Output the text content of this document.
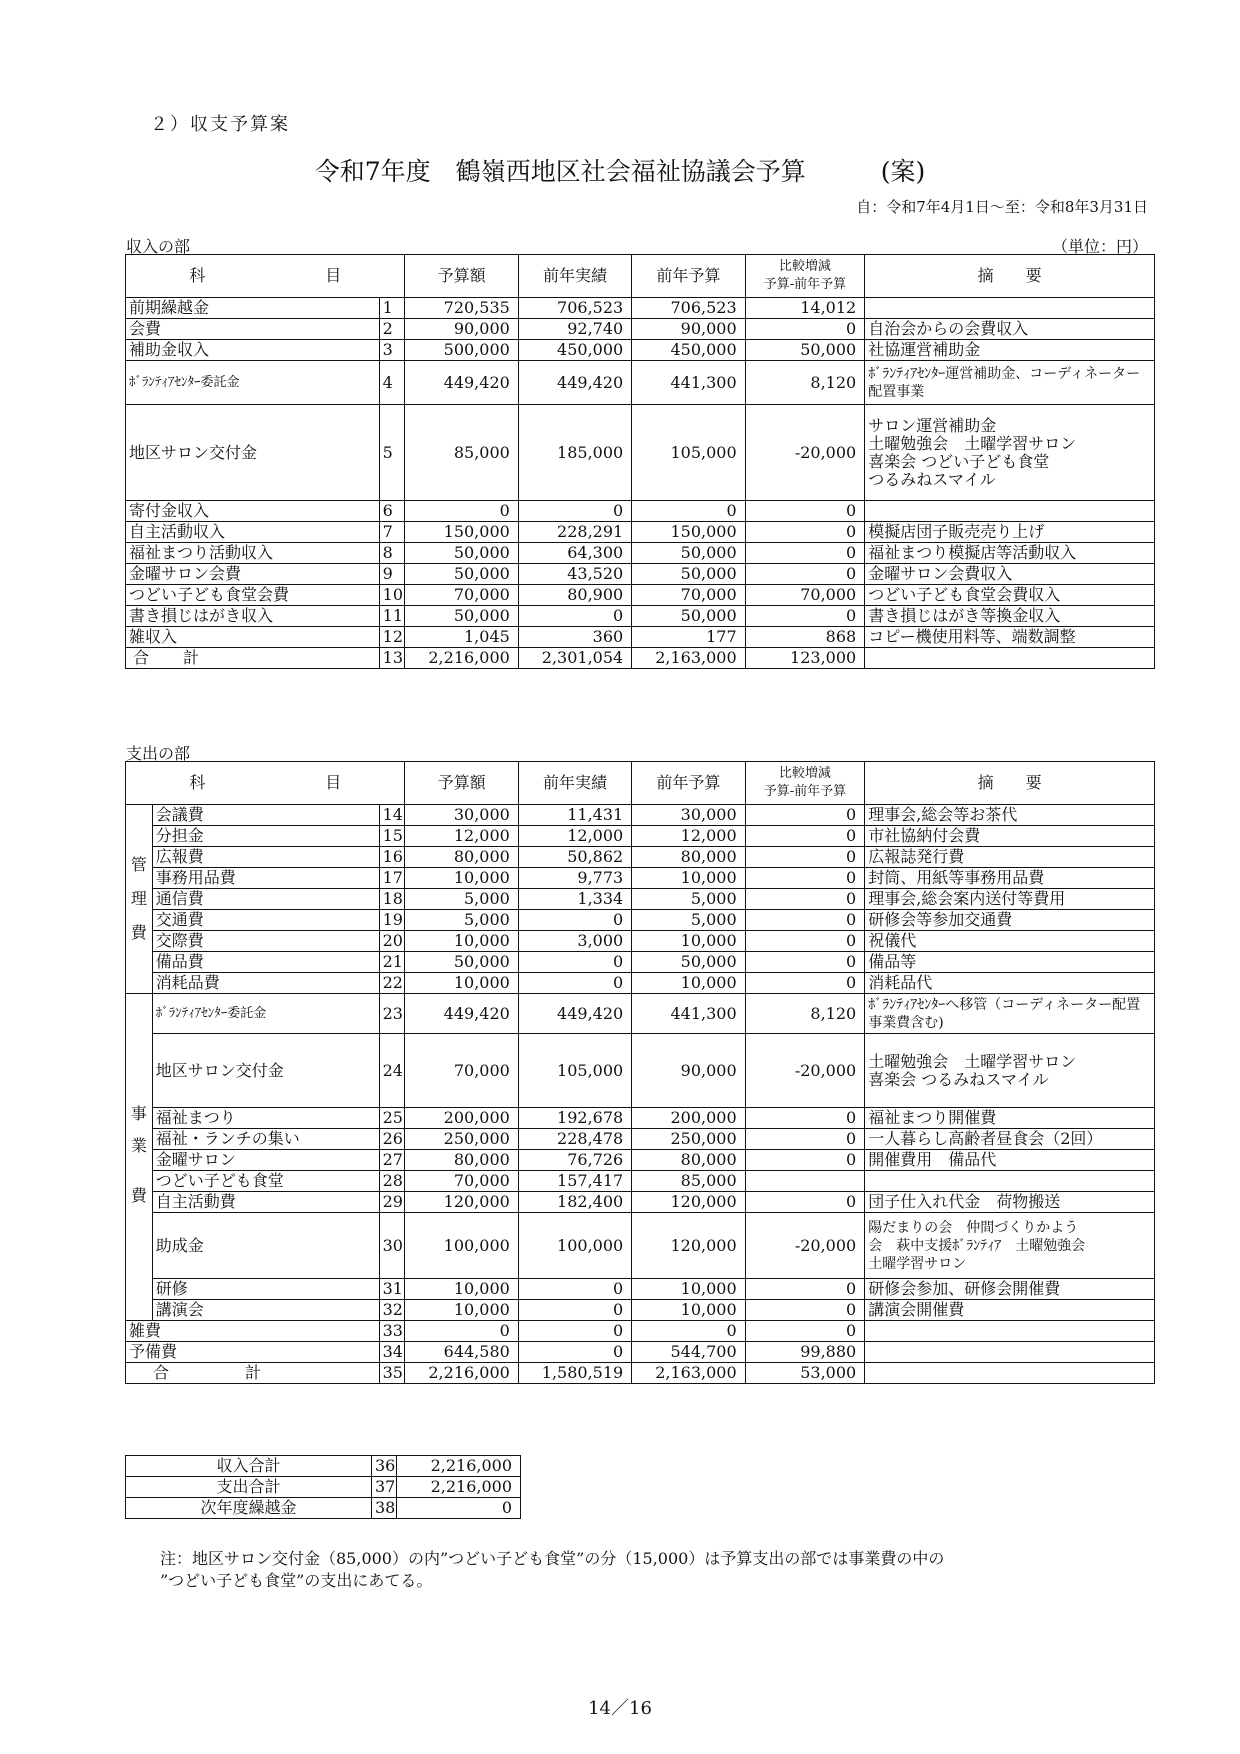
２）収支予算案
令和7年度　鶴嶺西地区社会福祉協議会予算　　　(案)
自：令和7年4月1日～至：令和8年3月31日
収入の部	（単位：円）
科 目		予算額	前年実績	前年予算	比較増減
予算-前年予算	摘　　要
前期繰越金	1	720,535	706,523	706,523	14,012	
会費	2	90,000	92,740	90,000	0	自治会からの会費収入
補助金収入	3	500,000	450,000	450,000	50,000	社協運営補助金
ﾎﾞﾗﾝﾃｨｱｾﾝﾀｰ委託金	4	449,420	449,420	441,300	8,120	ﾎﾞﾗﾝﾃｨｱｾﾝﾀｰ運営補助金、コーディネーター配置事業
地区サロン交付金	5	85,000	185,000	105,000	-20,000	サロン運営補助金
土曜勉強会　土曜学習サロン
喜楽会 つどい子ども食堂
つるみねスマイル

寄付金収入	6	0	0	0	0	
自主活動収入	7	150,000	228,291	150,000	0	模擬店団子販売売り上げ
福祉まつり活動収入	8	50,000	64,300	50,000	0	福祉まつり模擬店等活動収入
金曜サロン会費	9	50,000	43,520	50,000	0	金曜サロン会費収入
つどい子ども食堂会費	10	70,000	80,900	70,000	70,000	つどい子ども食堂会費収入
書き損じはがき収入	11	50,000	0	50,000	0	書き損じはがき等換金収入
雑収入	12	1,045	360	177	868	コピー機使用料等、端数調整
合 計	13	2,216,000	2,301,054	2,163,000	123,000	
支出の部
科 目			予算額	前年実績	前年予算	比較増減
予算-前年予算	摘　　要

管
理
費	会議費	14	30,000	11,431	30,000	0	理事会,総会等お茶代
	分担金	15	12,000	12,000	12,000	0	市社協納付会費
	広報費	16	80,000	50,862	80,000	0	広報誌発行費
	事務用品費	17	10,000	9,773	10,000	0	封筒、用紙等事務用品費
	通信費	18	5,000	1,334	5,000	0	理事会,総会案内送付等費用
	交通費	19	5,000	0	5,000	0	研修会等参加交通費
	交際費	20	10,000	3,000	10,000	0	祝儀代
	備品費	21	50,000	0	50,000	0	備品等
	消耗品費	22	10,000	0	10,000	0	消耗品代

事
業
費	ﾎﾞﾗﾝﾃｨｱｾﾝﾀｰ委託金	23	449,420	449,420	441,300	8,120	ﾎﾞﾗﾝﾃｨｱｾﾝﾀｰへ移管（コーディネーター配置事業費含む)
	地区サロン交付金	24	70,000	105,000	90,000	-20,000	土曜勉強会　土曜学習サロン
喜楽会 つるみねスマイル

	福祉まつり	25	200,000	192,678	200,000	0	福祉まつり開催費
	福祉・ランチの集い	26	250,000	228,478	250,000	0	一人暮らし高齢者昼食会（2回）
	金曜サロン	27	80,000	76,726	80,000	0	開催費用　備品代
	つどい子ども食堂	28	70,000	157,417	85,000		
	自主活動費	29	120,000	182,400	120,000	0	団子仕入れ代金　荷物搬送
	助成金	30	100,000	100,000	120,000	-20,000	陽だまりの会　仲間づくりかよう
会　萩中支援ﾎﾞﾗﾝﾃｨｱ　土曜勉強会
土曜学習サロン

	研修	31	10,000	0	10,000	0	研修会参加、研修会開催費
	講演会	32	10,000	0	10,000	0	講演会開催費
雑費		33	0	0	0	0	
予備費		34	644,580	0	544,700	99,880	
合 計		35	2,216,000	1,580,519	2,163,000	53,000	
収入合計	36	2,216,000
支出合計	37	2,216,000
次年度繰越金	38	0
注：地区サロン交付金（85,000）の内”つどい子ども食堂”の分（15,000）は予算支出の部では事業費の中の
”つどい子ども食堂”の支出にあてる。
14／16
